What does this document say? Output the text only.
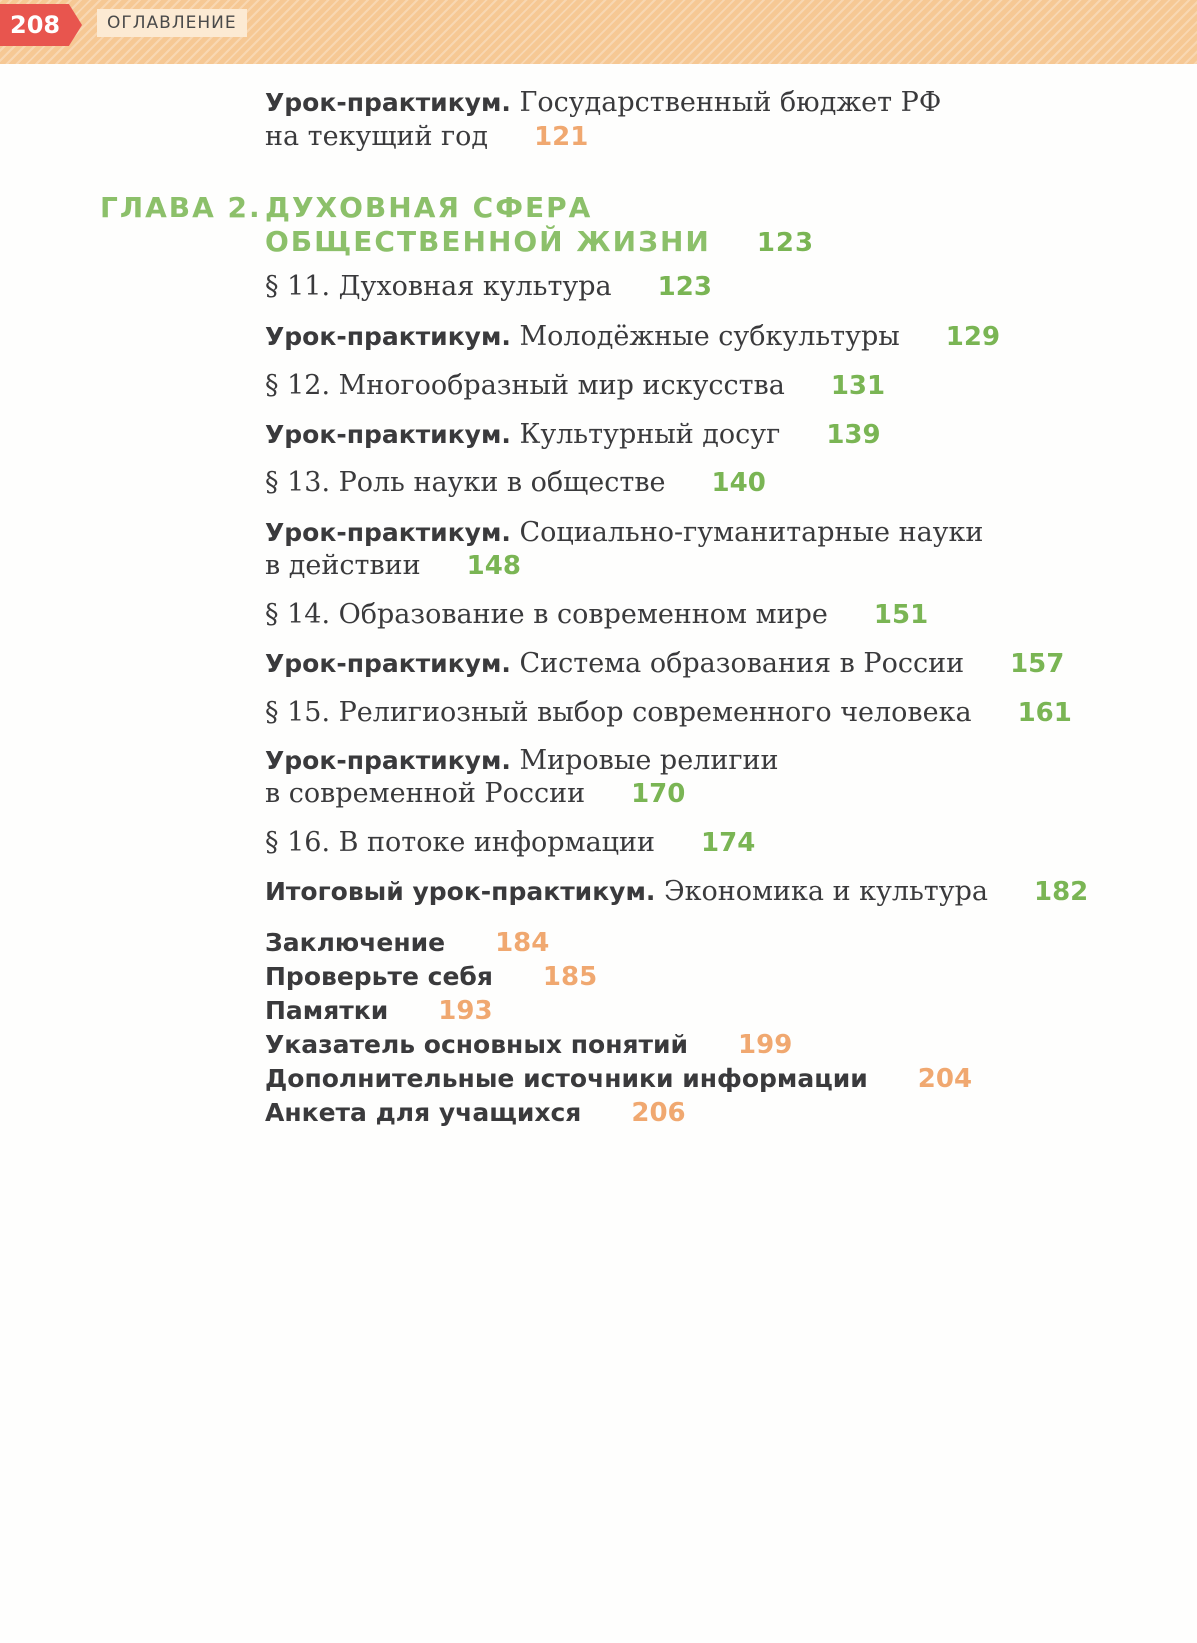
208	ОГЛАВЛЕНИЕ
Урок-практикум. Государственный бюджет РФ
на текущий год 121
ГЛАВА 2. ДУХОВНАЯ СФЕРА
ОБЩЕСТВЕННОЙ ЖИЗНИ 123
§ 11. Духовная культура 123
Урок-практикум. Молодёжные субкультуры 129
§ 12. Многообразный мир искусства 131
Урок-практикум. Культурный досуг 139
§ 13. Роль науки в обществе 140
Урок-практикум. Социально-гуманитарные науки
в действии 148
§ 14. Образование в современном мире 151
Урок-практикум. Система образования в России 157
§ 15. Религиозный выбор современного человека 161
Урок-практикум. Мировые религии
в современной России 170
§ 16. В потоке информации 174
Итоговый урок-практикум. Экономика и культура 182
Заключение 184
Проверьте себя 185
Памятки 193
Указатель основных понятий 199
Дополнительные источники информации 204
Анкета для учащихся 206
